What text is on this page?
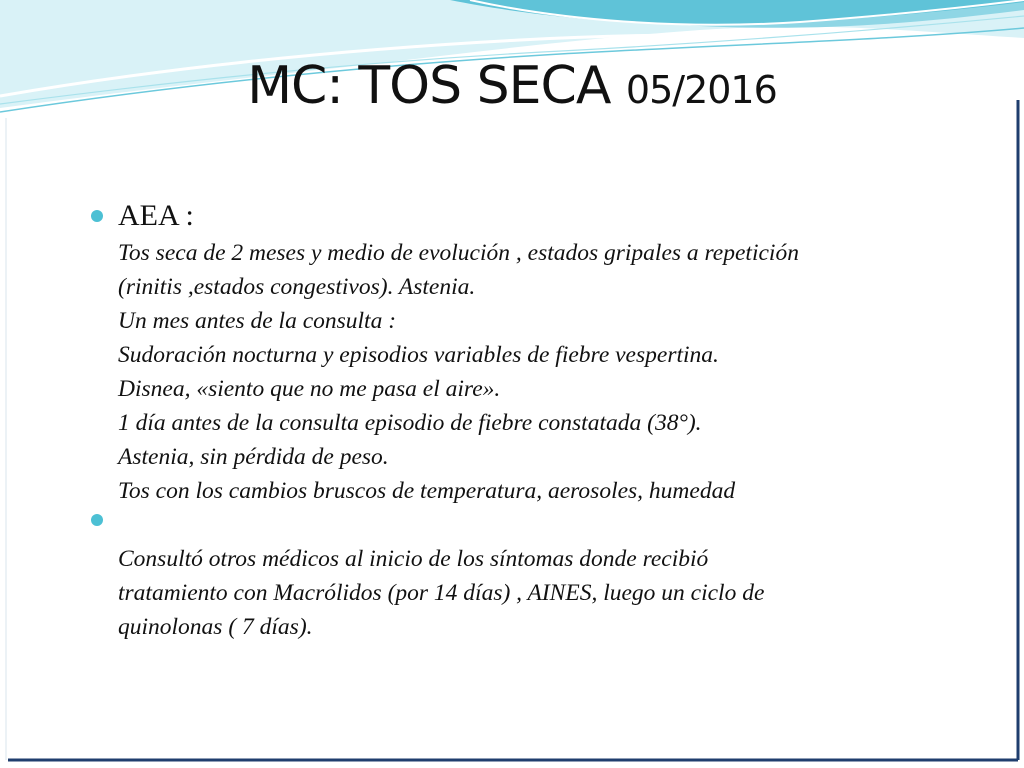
MC: TOS SECA 05/2016
AEA :
Tos seca de 2 meses y medio de evolución , estados gripales a repetición
(rinitis ,estados congestivos). Astenia.
Un mes antes de la consulta :
Sudoración nocturna y episodios variables de fiebre vespertina.
Disnea, «siento que no me pasa el aire».
1 día antes de la consulta episodio de fiebre constatada (38°).
Astenia, sin pérdida de peso.
Tos con los cambios bruscos de temperatura, aerosoles, humedad
Consultó otros médicos al inicio de los síntomas donde recibió
tratamiento con Macrólidos (por 14 días) , AINES, luego un ciclo de
quinolonas ( 7 días).
